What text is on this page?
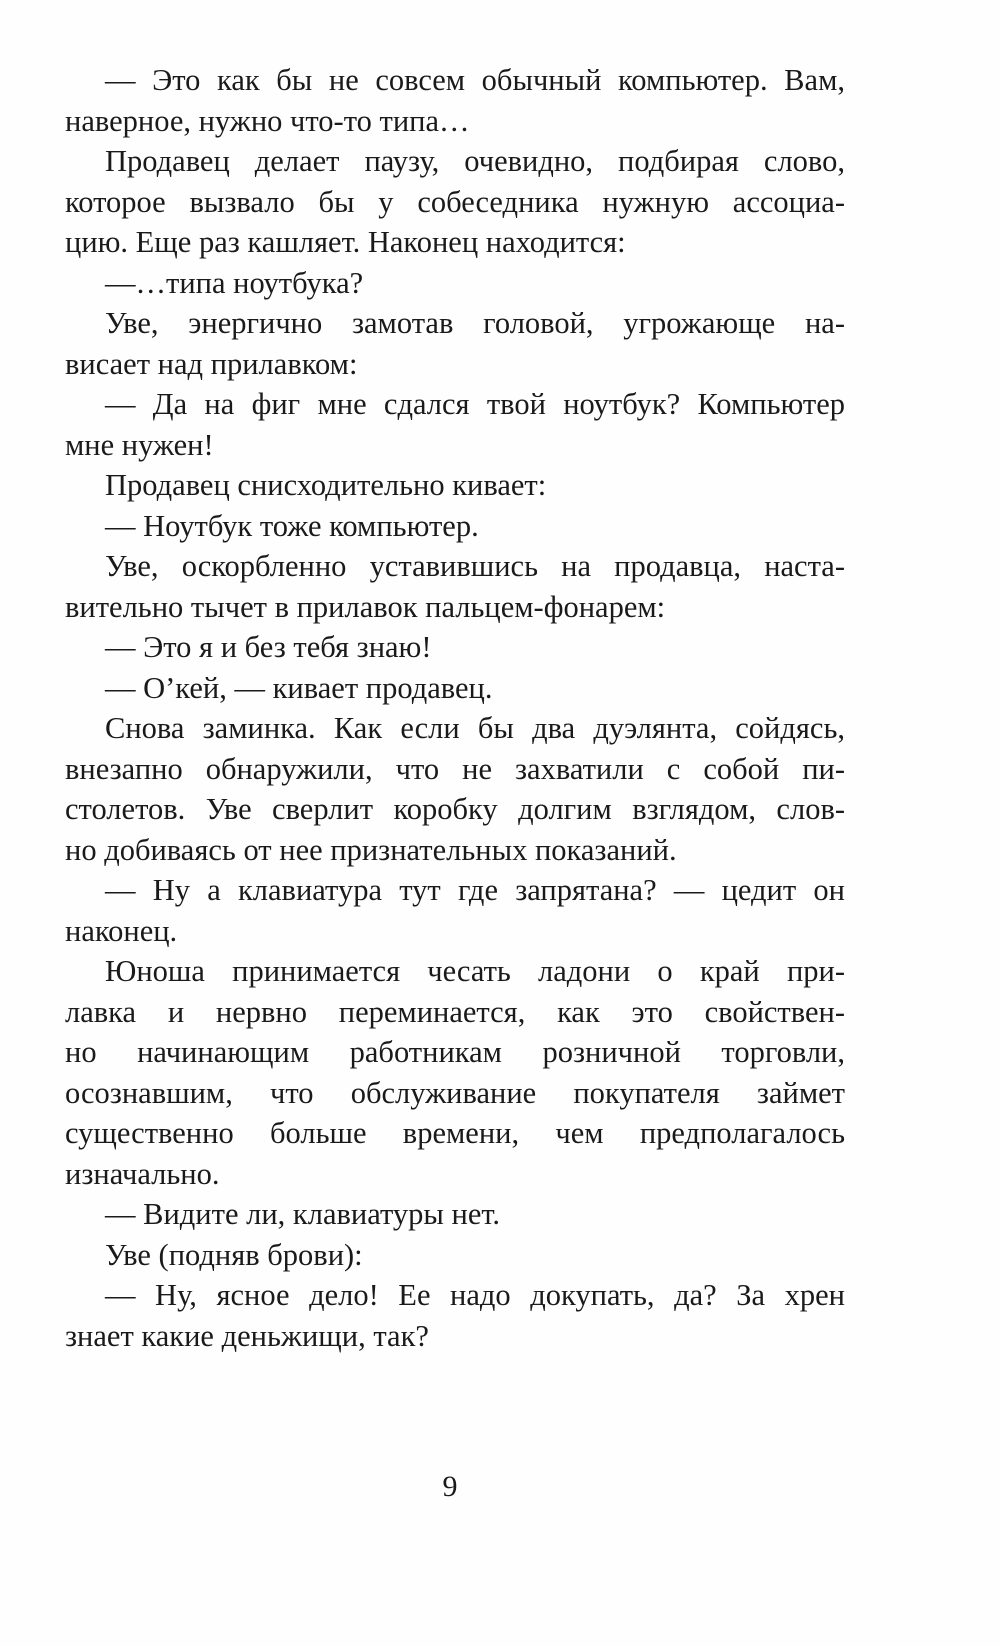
— Это как бы не совсем обычный компьютер. Вам,
наверное, нужно что-то типа…
Продавец делает паузу, очевидно, подбирая слово,
которое вызвало бы у собеседника нужную ассоциа-
цию. Еще раз кашляет. Наконец находится:
—…типа ноутбука?
Уве, энергично замотав головой, угрожающе на-
висает над прилавком:
— Да на фиг мне сдался твой ноутбук? Компьютер
мне нужен!
Продавец снисходительно кивает:
— Ноутбук тоже компьютер.
Уве, оскорбленно уставившись на продавца, наста-
вительно тычет в прилавок пальцем-фонарем:
— Это я и без тебя знаю!
— О’кей, — кивает продавец.
Снова заминка. Как если бы два дуэлянта, сойдясь,
внезапно обнаружили, что не захватили с собой пи-
столетов. Уве сверлит коробку долгим взглядом, слов-
но добиваясь от нее признательных показаний.
— Ну а клавиатура тут где запрятана? — цедит он
наконец.
Юноша принимается чесать ладони о край при-
лавка и нервно переминается, как это свойствен-
но начинающим работникам розничной торговли,
осознавшим, что обслуживание покупателя займет
существенно больше времени, чем предполагалось
изначально.
— Видите ли, клавиатуры нет.
Уве (подняв брови):
— Ну, ясное дело! Ее надо докупать, да? За хрен
знает какие деньжищи, так?
9
